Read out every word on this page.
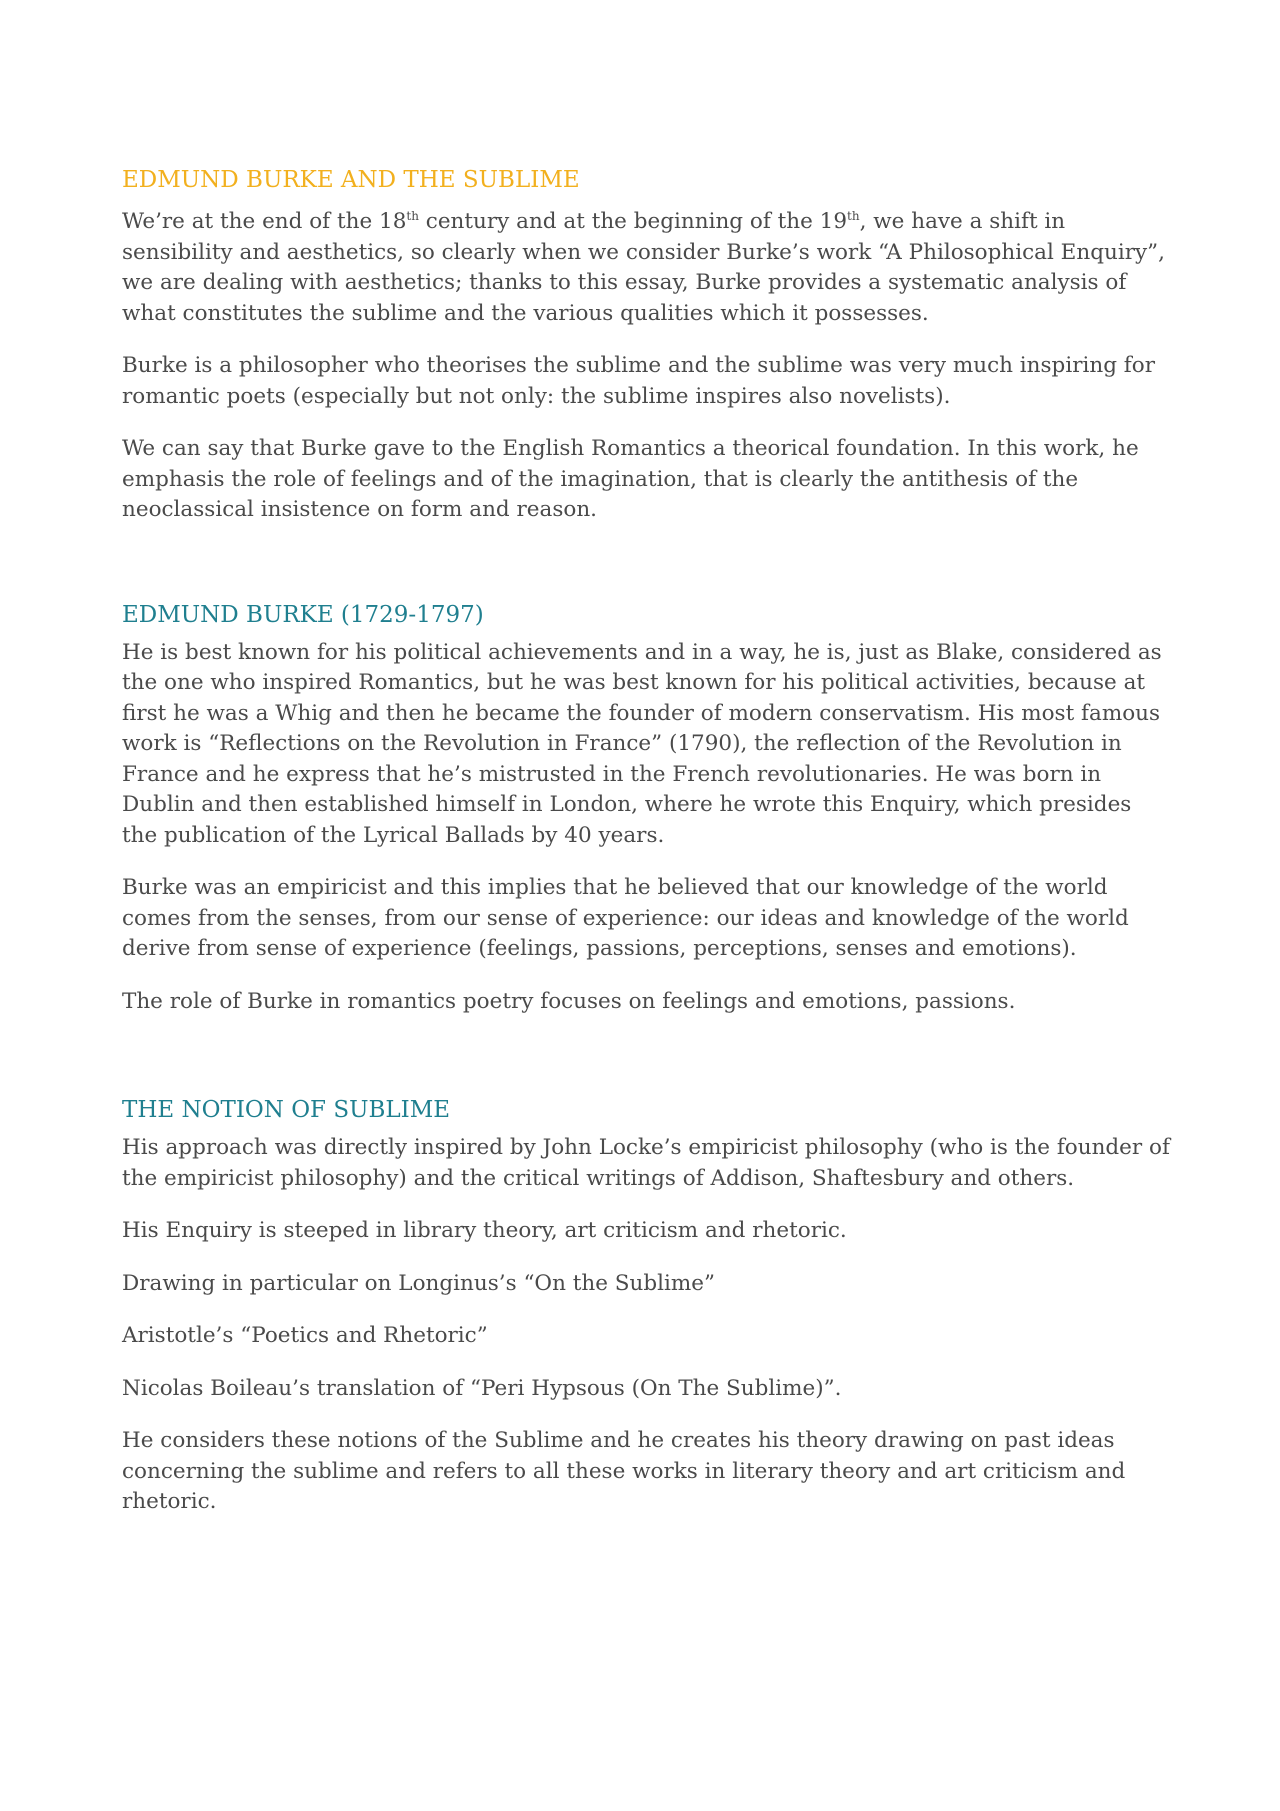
EDMUND BURKE AND THE SUBLIME

We’re at the end of the 18th century and at the beginning of the 19th, we have a shift in sensibility and aesthetics, so clearly when we consider Burke’s work “A Philosophical Enquiry”, we are dealing with aesthetics; thanks to this essay, Burke provides a systematic analysis of what constitutes the sublime and the various qualities which it possesses.

Burke is a philosopher who theorises the sublime and the sublime was very much inspiring for romantic poets (especially but not only: the sublime inspires also novelists).

We can say that Burke gave to the English Romantics a theorical foundation. In this work, he emphasis the role of feelings and of the imagination, that is clearly the antithesis of the neoclassical insistence on form and reason.

EDMUND BURKE (1729-1797)

He is best known for his political achievements and in a way, he is, just as Blake, considered as the one who inspired Romantics, but he was best known for his political activities, because at first he was a Whig and then he became the founder of modern conservatism. His most famous work is “Reflections on the Revolution in France” (1790), the reflection of the Revolution in France and he express that he’s mistrusted in the French revolutionaries. He was born in Dublin and then established himself in London, where he wrote this Enquiry, which presides the publication of the Lyrical Ballads by 40 years.

Burke was an empiricist and this implies that he believed that our knowledge of the world comes from the senses, from our sense of experience: our ideas and knowledge of the world derive from sense of experience (feelings, passions, perceptions, senses and emotions).

The role of Burke in romantics poetry focuses on feelings and emotions, passions.

THE NOTION OF SUBLIME

His approach was directly inspired by John Locke’s empiricist philosophy (who is the founder of the empiricist philosophy) and the critical writings of Addison, Shaftesbury and others.

His Enquiry is steeped in library theory, art criticism and rhetoric.

Drawing in particular on Longinus’s “On the Sublime”

Aristotle’s “Poetics and Rhetoric”

Nicolas Boileau’s translation of “Peri Hypsous (On The Sublime)”.

He considers these notions of the Sublime and he creates his theory drawing on past ideas concerning the sublime and refers to all these works in literary theory and art criticism and rhetoric.
